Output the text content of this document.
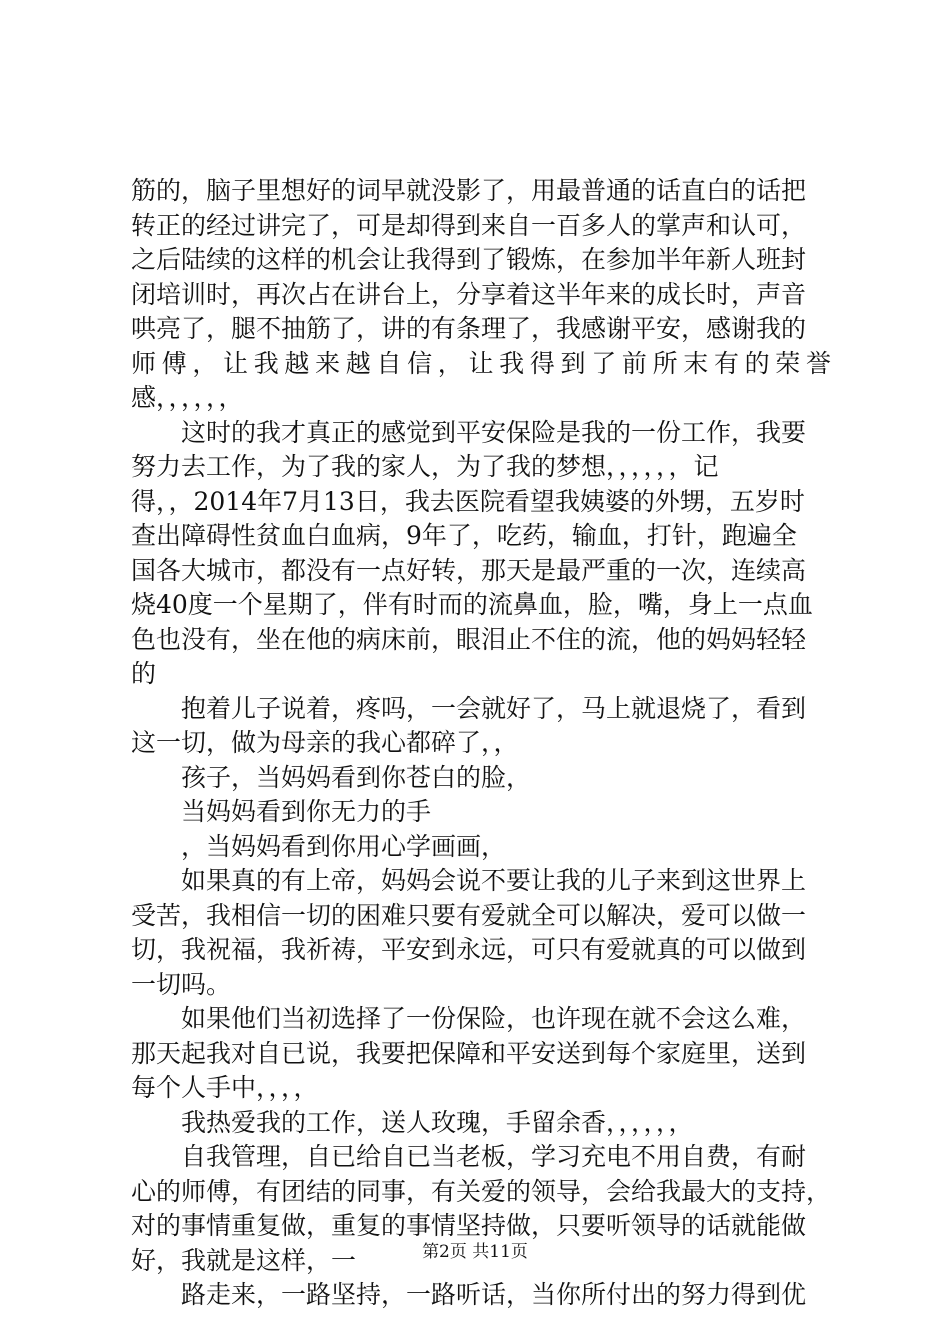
筋的，脑子里想好的词早就没影了，用最普通的话直白的话把
转正的经过讲完了，可是却得到来自一百多人的掌声和认可，
之后陆续的这样的机会让我得到了锻炼，在参加半年新人班封
闭培训时，再次占在讲台上，分享着这半年来的成长时，声音
哄亮了，腿不抽筋了，讲的有条理了，我感谢平安，感谢我的
师傅，让我越来越自信，让我得到了前所末有的荣誉
感，，，，，，
这时的我才真正的感觉到平安保险是我的一份工作，我要
努力去工作，为了我的家人，为了我的梦想，，，，，，记
得，，2014年7月13日，我去医院看望我姨婆的外甥，五岁时
查出障碍性贫血白血病，9年了，吃药，输血，打针，跑遍全
国各大城市，都没有一点好转，那天是最严重的一次，连续高
烧40度一个星期了，伴有时而的流鼻血，脸，嘴，身上一点血
色也没有，坐在他的病床前，眼泪止不住的流，他的妈妈轻轻
的
抱着儿子说着，疼吗，一会就好了，马上就退烧了，看到
这一切，做为母亲的我心都碎了，，
孩子，当妈妈看到你苍白的脸，
当妈妈看到你无力的手
，当妈妈看到你用心学画画，
如果真的有上帝，妈妈会说不要让我的儿子来到这世界上
受苦，我相信一切的困难只要有爱就全可以解决，爱可以做一
切，我祝福，我祈祷，平安到永远，可只有爱就真的可以做到
一切吗。
如果他们当初选择了一份保险，也许现在就不会这么难，
那天起我对自已说，我要把保障和平安送到每个家庭里，送到
每个人手中，，，，
我热爱我的工作，送人玫瑰，手留余香，，，，，，
自我管理，自已给自已当老板，学习充电不用自费，有耐
心的师傅，有团结的同事，有关爱的领导，会给我最大的支持，
对的事情重复做，重复的事情坚持做，只要听领导的话就能做
好，我就是这样，一
路走来，一路坚持，一路听话，当你所付出的努力得到优
第2页 共11页
